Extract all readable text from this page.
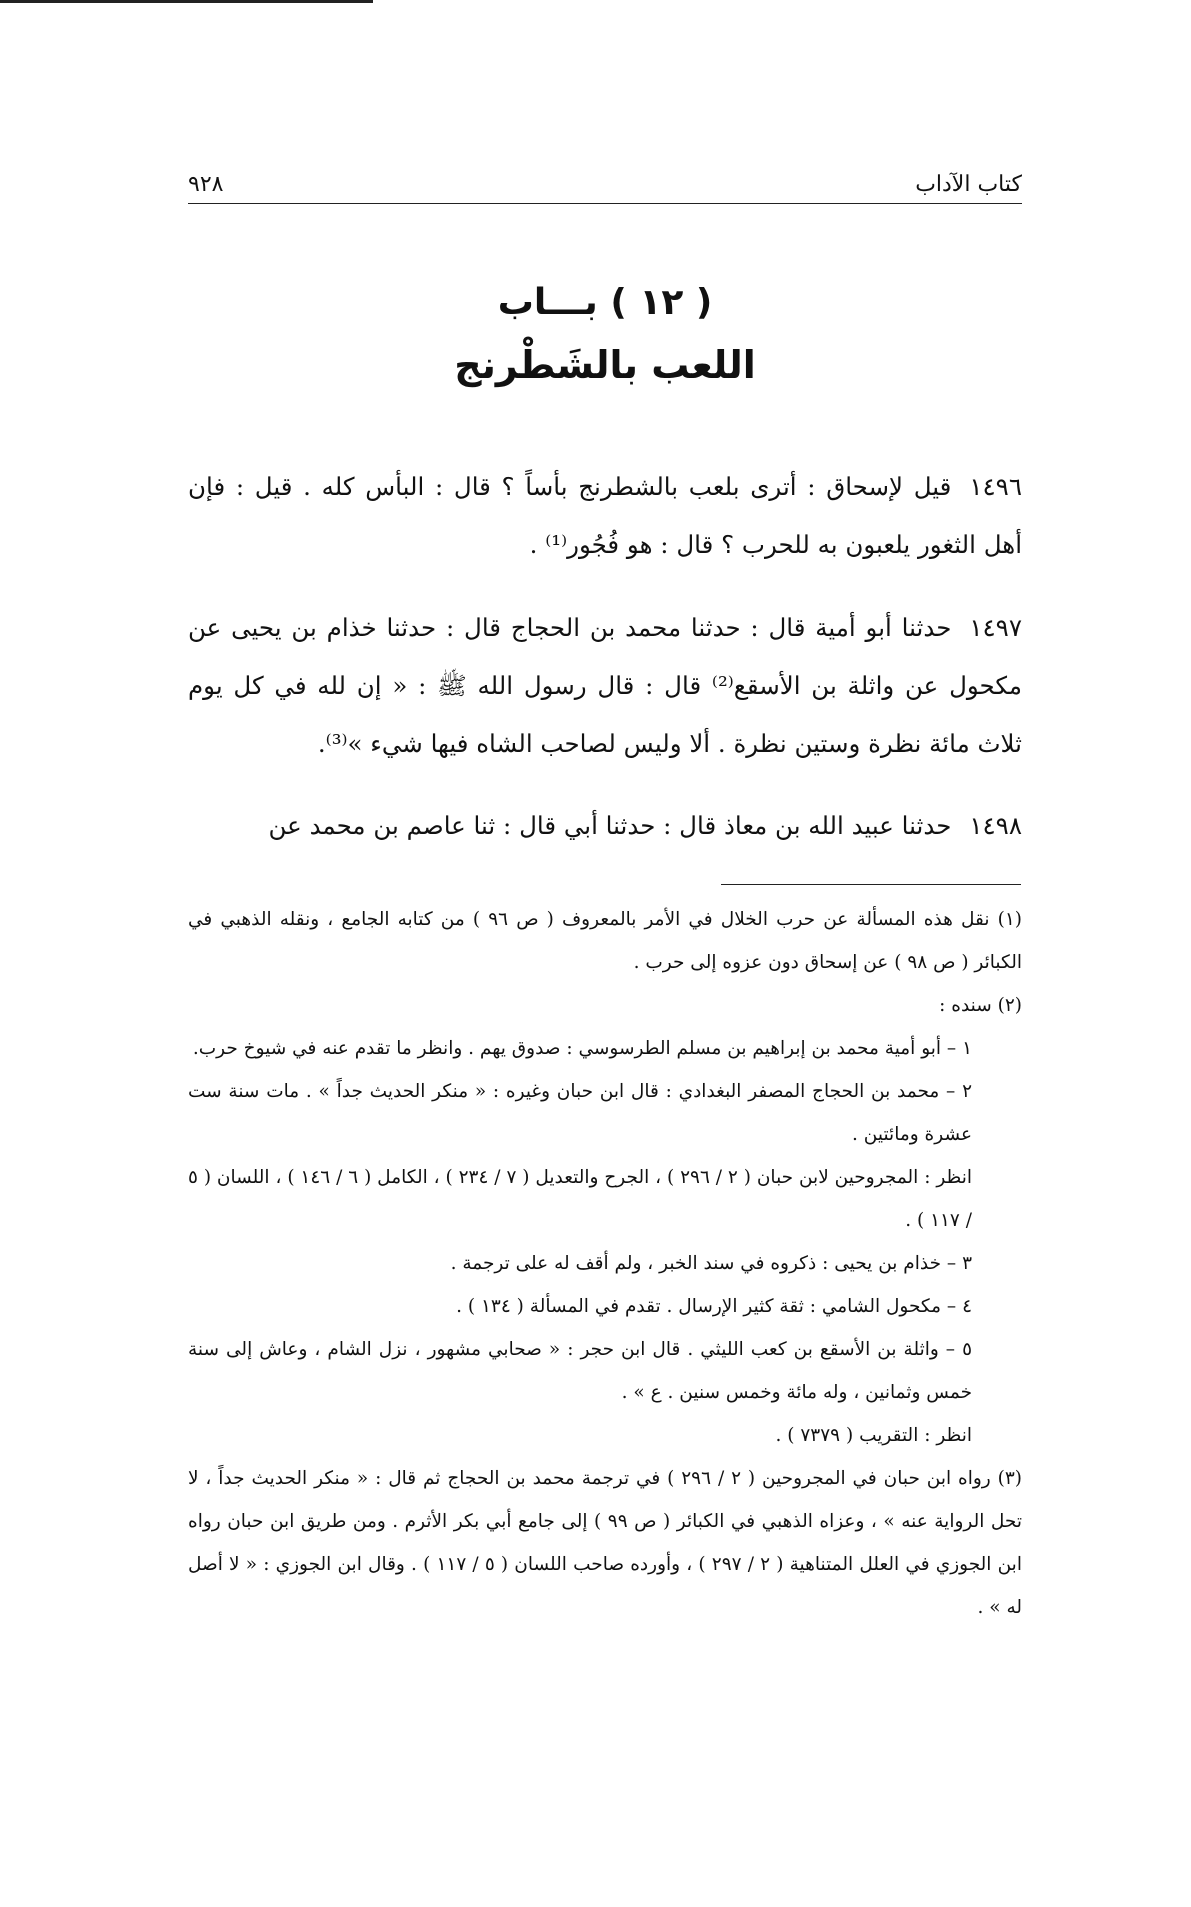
كتاب الآداب
٩٢٨
( ١٢ ) بـــاب
اللعب بالشَطْرنج

١٤٩٦قيل لإسحاق : أترى بلعب بالشطرنج بأساً ؟ قال : البأس كله . قيل : فإن أهل الثغور يلعبون به للحرب ؟ قال : هو فُجُور⁽¹⁾ .

١٤٩٧حدثنا أبو أمية قال : حدثنا محمد بن الحجاج قال : حدثنا خذام بن يحيى عن مكحول عن واثلة بن الأسقع⁽²⁾ قال : قال رسول الله ﷺ : « إن لله في كل يوم ثلاث مائة نظرة وستين نظرة . ألا وليس لصاحب الشاه فيها شيء »⁽³⁾.

١٤٩٨حدثنا عبيد الله بن معاذ قال : حدثنا أبي قال : ثنا عاصم بن محمد عن

(١) نقل هذه المسألة عن حرب الخلال في الأمر بالمعروف ( ص ٩٦ ) من كتابه الجامع ، ونقله الذهبي في الكبائر ( ص ٩٨ ) عن إسحاق دون عزوه إلى حرب .
(٢) سنده :
١ – أبو أمية محمد بن إبراهيم بن مسلم الطرسوسي : صدوق يهم . وانظر ما تقدم عنه في شيوخ حرب.
٢ – محمد بن الحجاج المصفر البغدادي : قال ابن حبان وغيره : « منكر الحديث جداً » . مات سنة ست عشرة ومائتين .
انظر : المجروحين لابن حبان ( ٢ / ٢٩٦ ) ، الجرح والتعديل ( ٧ / ٢٣٤ ) ، الكامل ( ٦ / ١٤٦ ) ، اللسان ( ٥ / ١١٧ ) .
٣ – خذام بن يحيى : ذكروه في سند الخبر ، ولم أقف له على ترجمة .
٤ – مكحول الشامي : ثقة كثير الإرسال . تقدم في المسألة ( ١٣٤ ) .
٥ – واثلة بن الأسقع بن كعب الليثي . قال ابن حجر : « صحابي مشهور ، نزل الشام ، وعاش إلى سنة خمس وثمانين ، وله مائة وخمس سنين . ع » .
انظر : التقريب ( ٧٣٧٩ ) .
(٣) رواه ابن حبان في المجروحين ( ٢ / ٢٩٦ ) في ترجمة محمد بن الحجاج ثم قال : « منكر الحديث جداً ، لا تحل الرواية عنه » ، وعزاه الذهبي في الكبائر ( ص ٩٩ ) إلى جامع أبي بكر الأثرم . ومن طريق ابن حبان رواه ابن الجوزي في العلل المتناهية ( ٢ / ٢٩٧ ) ، وأورده صاحب اللسان ( ٥ / ١١٧ ) . وقال ابن الجوزي : « لا أصل له » .
